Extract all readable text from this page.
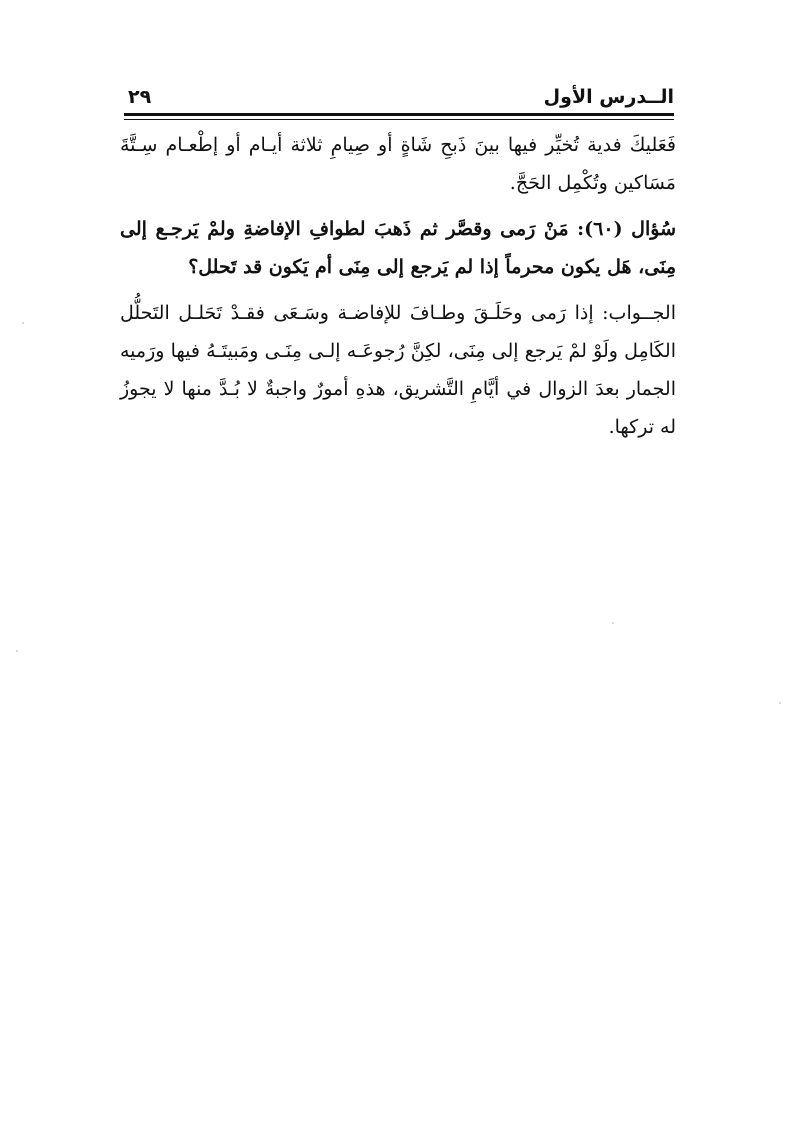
الــدرس الأول
٢٩

فَعَليكَ فدية تُخيِّر فيها بينَ ذَبحِ شَاةٍ أو صِيامِ ثلاثة أيـام أو إطْعـام سِـتَّةَ مَسَاكين وتُكْمِل الحَجَّ.

سُؤال (٦٠): مَنْ رَمى وقصَّر ثم ذَهبَ لطوافِ الإفاضةِ ولمْ يَرجـع إلى مِنَى، هَل يكون محرماً إذا لم يَرجع إلى مِنَى أم يَكون قد تَحلل؟

الجــواب: إذا رَمى وحَلَـقَ وطـافَ للإفاضـة وسَـعَى فقـدْ تَحَلـل التَحلُّل الكَامِل ولَوْ لمْ يَرجع إلى مِنَى، لكِنَّ رُجوعَـه إلـى مِنَـى ومَبيتَـهُ فيها ورَميه الجمار بعدَ الزوال في أيَّامِ التَّشريق، هذهِ أمورٌ واجبةٌ لا بُـدَّ منها لا يجوزُ له تركها.
